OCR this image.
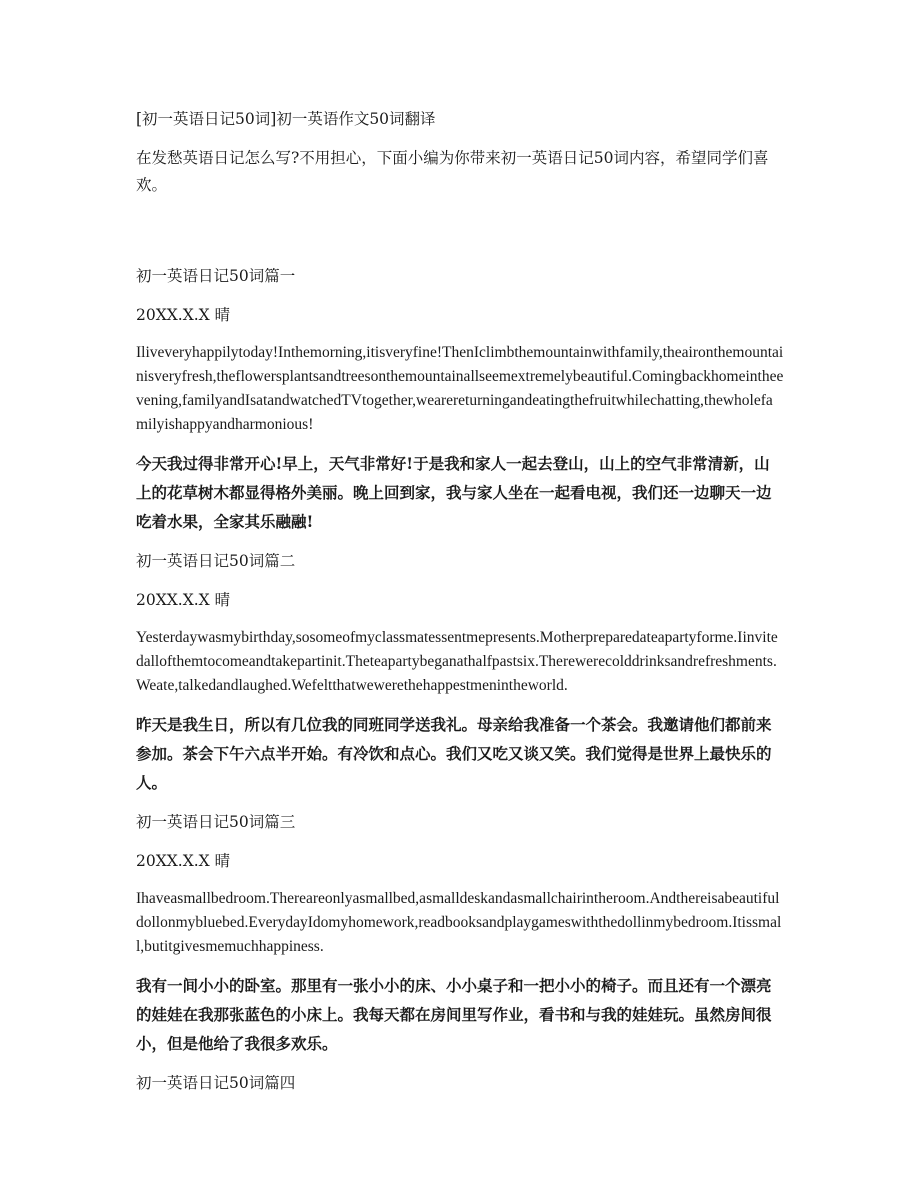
[初一英语日记50词]初一英语作文50词翻译

在发愁英语日记怎么写?不用担心，下面小编为你带来初一英语日记50词内容，希望同学们喜欢。

初一英语日记50词篇一

20XX.X.X 晴

Iliveveryhappilytoday!Inthemorning,itisveryfine!ThenIclimbthemountainwithfamily,theaironthemountainisveryfresh,theflowersplantsandtreesonthemountainallseemextremelybeautiful.Comingbackhomeintheevening,familyandIsatandwatchedTVtogether,wearereturningandeatingthefruitwhilechatting,thewholefamilyishappyandharmonious!

今天我过得非常开心!早上，天气非常好!于是我和家人一起去登山，山上的空气非常清新，山上的花草树木都显得格外美丽。晚上回到家，我与家人坐在一起看电视，我们还一边聊天一边吃着水果，全家其乐融融!

初一英语日记50词篇二

20XX.X.X 晴

Yesterdaywasmybirthday,sosomeofmyclassmatessentmepresents.Motherpreparedateapartyforme.Iinvitedallofthemtocomeandtakepartinit.Theteapartybeganathalfpastsix.Therewerecolddrinksandrefreshments.Weate,talkedandlaughed.Wefeltthatwewerethehappestmenintheworld.

昨天是我生日，所以有几位我的同班同学送我礼。母亲给我准备一个茶会。我邀请他们都前来参加。茶会下午六点半开始。有冷饮和点心。我们又吃又谈又笑。我们觉得是世界上最快乐的人。

初一英语日记50词篇三

20XX.X.X 晴

Ihaveasmallbedroom.Thereareonlyasmallbed,asmalldeskandasmallchairintheroom.Andthereisabeautifuldollonmybluebed.EverydayIdomyhomework,readbooksandplaygameswiththedollinmybedroom.Itissmall,butitgivesmemuchhappiness.

我有一间小小的卧室。那里有一张小小的床、小小桌子和一把小小的椅子。而且还有一个漂亮的娃娃在我那张蓝色的小床上。我每天都在房间里写作业，看书和与我的娃娃玩。虽然房间很小，但是他给了我很多欢乐。

初一英语日记50词篇四
